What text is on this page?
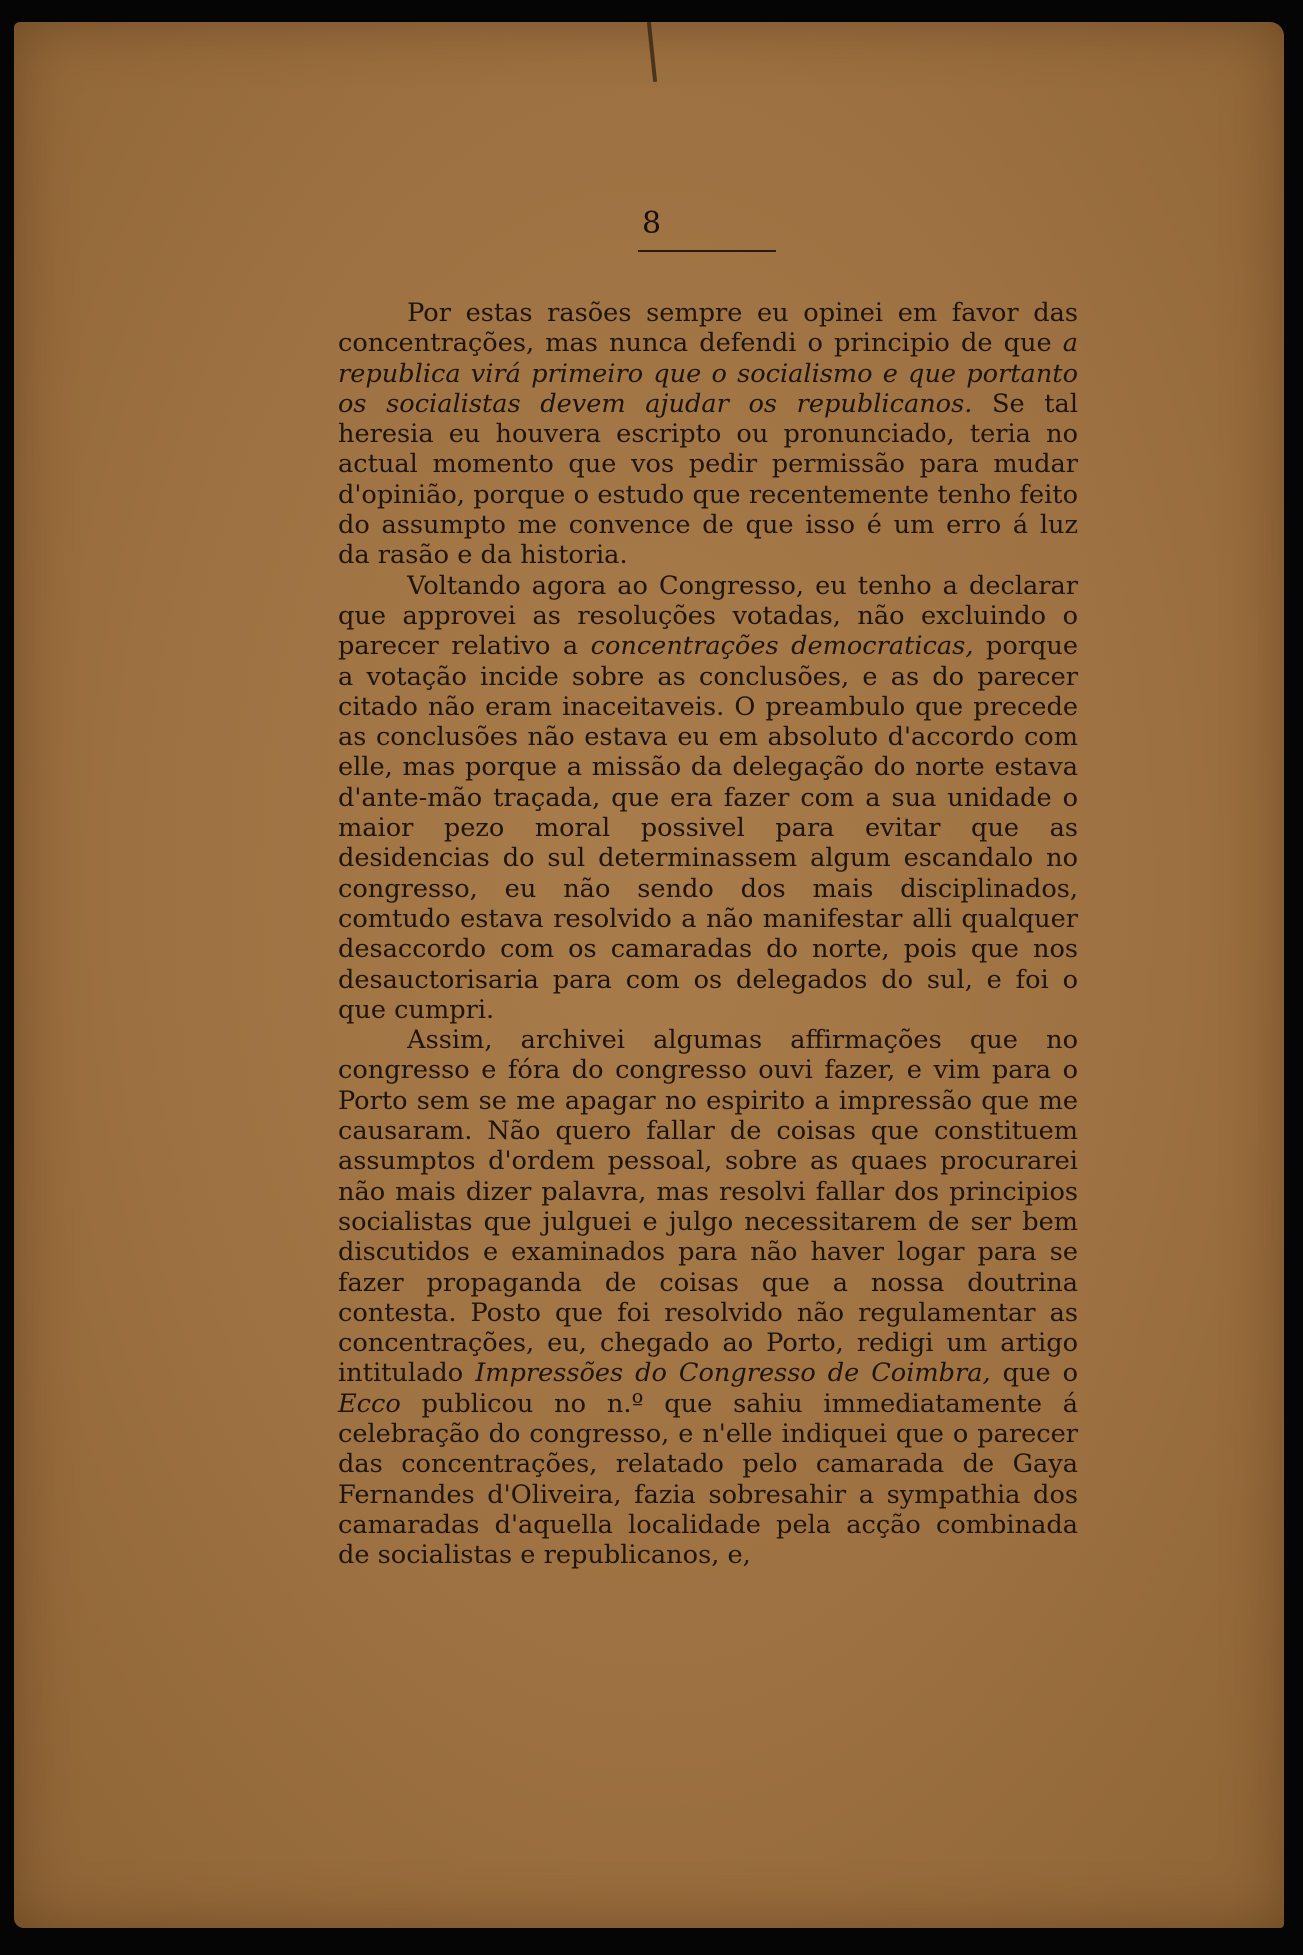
8

Por estas rasões sempre eu opinei em favor das concentrações, mas nunca defendi o principio de que a republica virá primeiro que o socialismo e que portanto os socialistas devem ajudar os republicanos. Se tal heresia eu houvera escripto ou pronunciado, teria no actual momento que vos pedir permissão para mudar d'opinião, porque o estudo que recentemente tenho feito do assumpto me convence de que isso é um erro á luz da rasão e da historia.

Voltando agora ao Congresso, eu tenho a declarar que approvei as resoluções votadas, não excluindo o parecer relativo a concentrações democraticas, porque a votação incide sobre as conclusões, e as do parecer citado não eram inaceitaveis. O preambulo que precede as conclusões não estava eu em absoluto d'accordo com elle, mas porque a missão da delegação do norte estava d'ante-mão traçada, que era fazer com a sua unidade o maior pezo moral possivel para evitar que as desidencias do sul determinassem algum escandalo no congresso, eu não sendo dos mais disciplinados, comtudo estava resolvido a não manifestar alli qualquer desaccordo com os camaradas do norte, pois que nos desauctorisaria para com os delegados do sul, e foi o que cumpri.

Assim, archivei algumas affirmações que no congresso e fóra do congresso ouvi fazer, e vim para o Porto sem se me apagar no espirito a impressão que me causaram. Não quero fallar de coisas que constituem assumptos d'ordem pessoal, sobre as quaes procurarei não mais dizer palavra, mas resolvi fallar dos principios socialistas que julguei e julgo necessitarem de ser bem discutidos e examinados para não haver logar para se fazer propaganda de coisas que a nossa doutrina contesta. Posto que foi resolvido não regulamentar as concentrações, eu, chegado ao Porto, redigi um artigo intitulado Impressões do Congresso de Coimbra, que o Ecco publicou no n.º que sahiu immediatamente á celebração do congresso, e n'elle indiquei que o parecer das concentrações, relatado pelo camarada de Gaya Fernandes d'Oliveira, fazia sobresahir a sympathia dos camaradas d'aquella localidade pela acção combinada de socialistas e republicanos, e,
